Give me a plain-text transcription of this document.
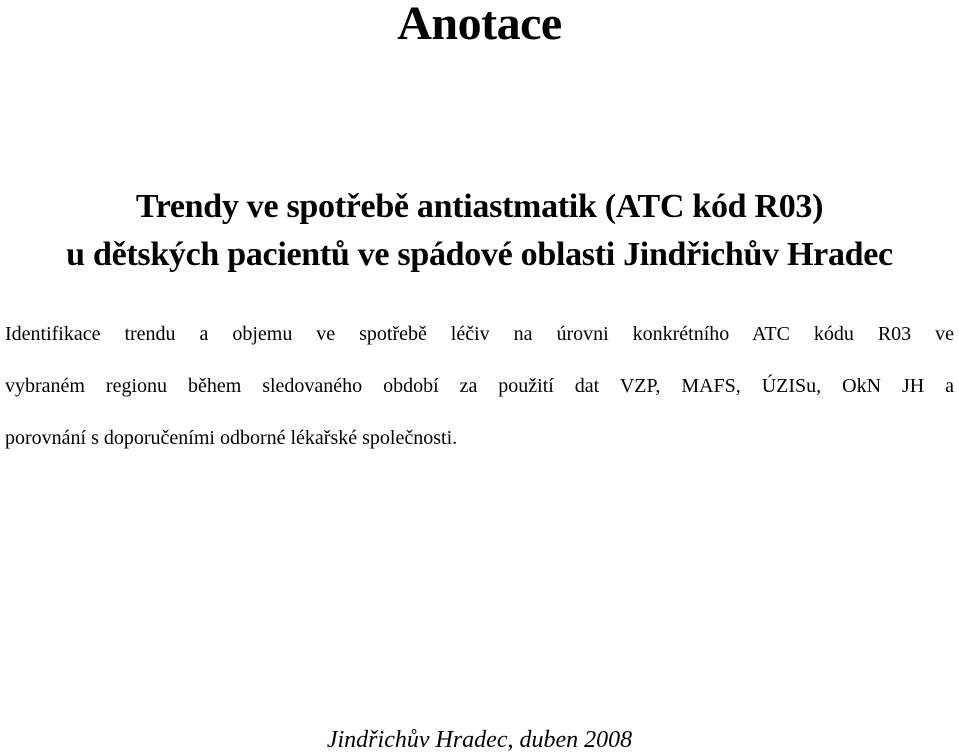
Anotace

Trendy ve spotřebě antiastmatik (ATC kód R03)

u dětských pacientů ve spádové oblasti Jindřichův Hradec

Identifikace trendu a objemu ve spotřebě léčiv na úrovni konkrétního ATC kódu R03 ve

vybraném regionu během sledovaného období za použití dat VZP, MAFS, ÚZISu, OkN JH a

porovnání s doporučeními odborné lékařské společnosti.

Jindřichův Hradec, duben 2008
